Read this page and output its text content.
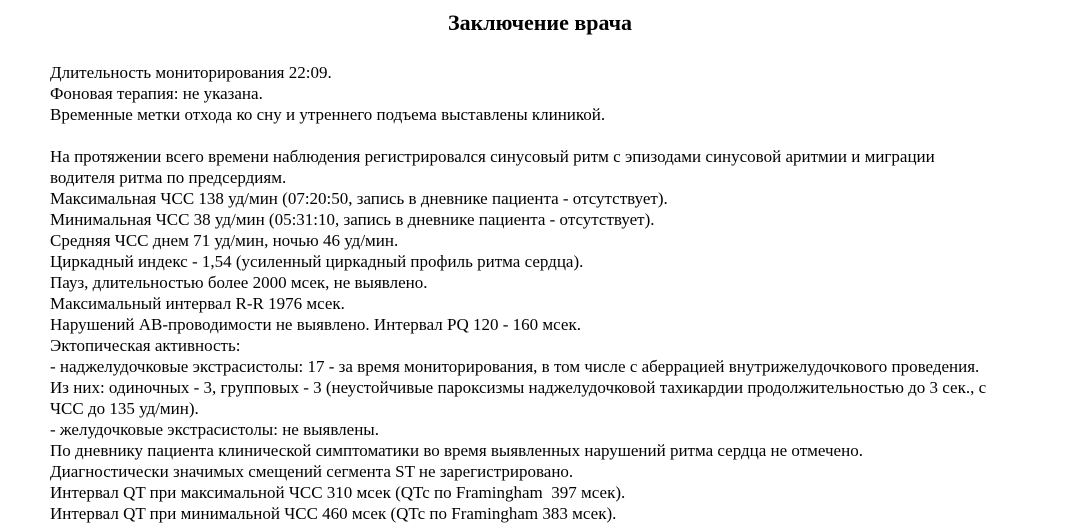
Заключение врача
Длительность мониторирования 22:09.
Фоновая терапия: не указана.
Временные метки отхода ко сну и утреннего подъема выставлены клиникой.
На протяжении всего времени наблюдения регистрировался синусовый ритм с эпизодами синусовой аритмии и миграции
водителя ритма по предсердиям.
Максимальная ЧСС 138 уд/мин (07:20:50, запись в дневнике пациента - отсутствует).
Минимальная ЧСС 38 уд/мин (05:31:10, запись в дневнике пациента - отсутствует).
Средняя ЧСС днем 71 уд/мин, ночью 46 уд/мин.
Циркадный индекс - 1,54 (усиленный циркадный профиль ритма сердца).
Пауз, длительностью более 2000 мсек, не выявлено.
Максимальный интервал R-R 1976 мсек.
Нарушений АВ-проводимости не выявлено. Интервал PQ 120 - 160 мсек.
Эктопическая активность:
- наджелудочковые экстрасистолы: 17 - за время мониторирования, в том числе с аберрацией внутрижелудочкового проведения.
Из них: одиночных - 3, групповых - 3 (неустойчивые пароксизмы наджелудочковой тахикардии продолжительностью до 3 сек., с
ЧСС до 135 уд/мин).
- желудочковые экстрасистолы: не выявлены.
По дневнику пациента клинической симптоматики во время выявленных нарушений ритма сердца не отмечено.
Диагностически значимых смещений сегмента ST не зарегистрировано.
Интервал QT при максимальной ЧСС 310 мсек (QTc по Framingham  397 мсек).
Интервал QT при минимальной ЧСС 460 мсек (QTc по Framingham 383 мсек).
